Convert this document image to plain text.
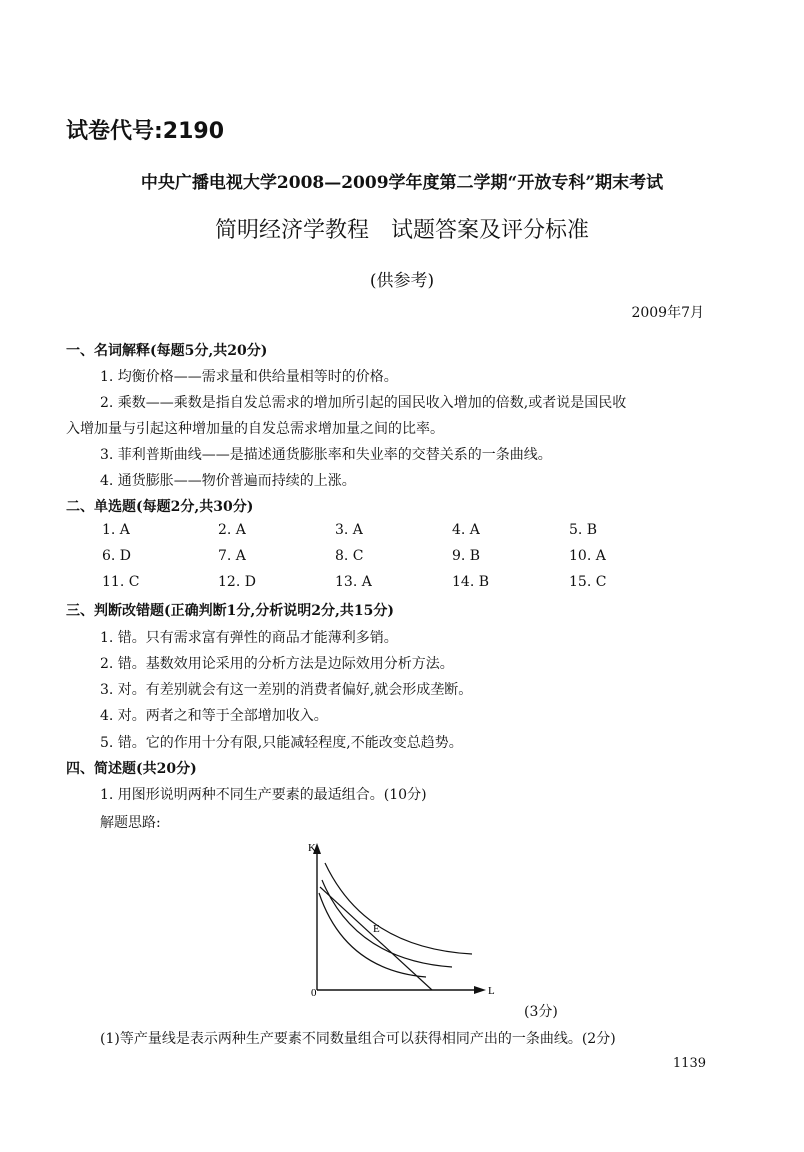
试卷代号:2190
中央广播电视大学2008—2009学年度第二学期“开放专科”期末考试
简明经济学教程　试题答案及评分标准
(供参考)
2009年7月
一、名词解释(每题5分,共20分)
1. 均衡价格——需求量和供给量相等时的价格。
2. 乘数——乘数是指自发总需求的增加所引起的国民收入增加的倍数,或者说是国民收
入增加量与引起这种增加量的自发总需求增加量之间的比率。
3. 菲利普斯曲线——是描述通货膨胀率和失业率的交替关系的一条曲线。
4. 通货膨胀——物价普遍而持续的上涨。
二、单选题(每题2分,共30分)
1. A	2. A	3. A	4. A	5. B
6. D	7. A	8. C	9. B	10. A
11. C	12. D	13. A	14. B	15. C
三、判断改错题(正确判断1分,分析说明2分,共15分)
1. 错。只有需求富有弹性的商品才能薄利多销。
2. 错。基数效用论采用的分析方法是边际效用分析方法。
3. 对。有差别就会有这一差别的消费者偏好,就会形成垄断。
4. 对。两者之和等于全部增加收入。
5. 错。它的作用十分有限,只能减轻程度,不能改变总趋势。
四、简述题(共20分)
1. 用图形说明两种不同生产要素的最适组合。(10分)
解题思路:
K
L
0
E
(3分)
(1)等产量线是表示两种生产要素不同数量组合可以获得相同产出的一条曲线。(2分)
1139
